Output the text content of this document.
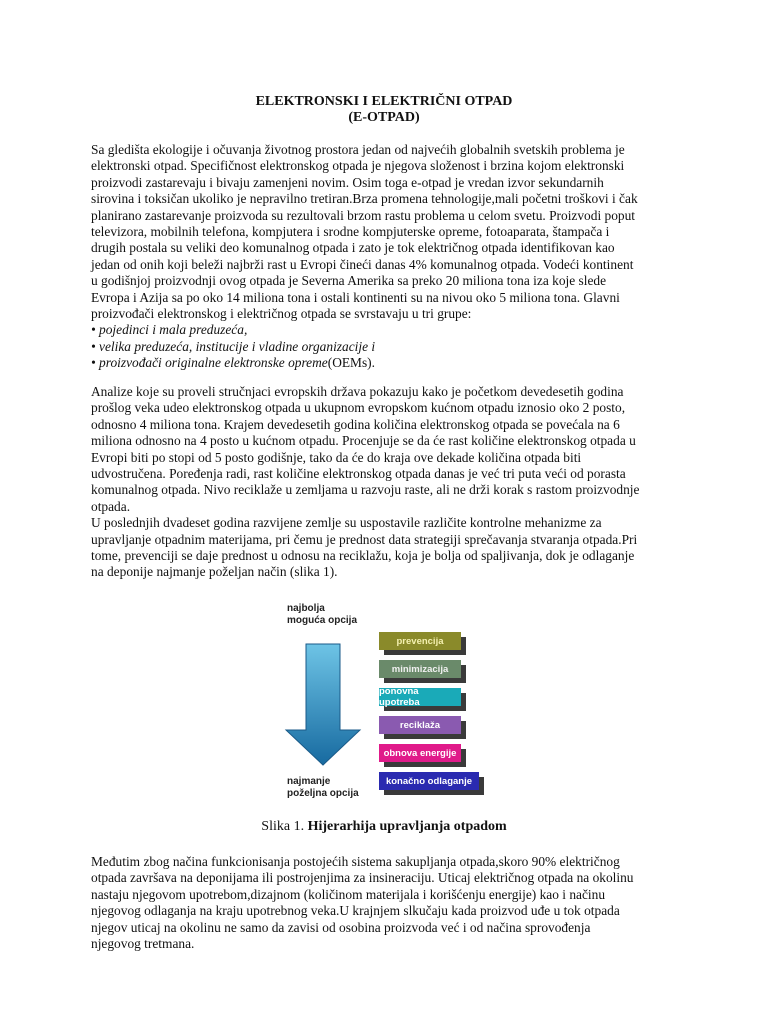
ELEKTRONSKI I ELEKTRIČNI OTPAD
(E-OTPAD)

Sa gledišta ekologije i očuvanja životnog prostora jedan od najvećih globalnih svetskih problema je
elektronski otpad. Specifičnost elektronskog otpada je njegova složenost i brzina kojom elektronski
proizvodi zastarevaju i bivaju zamenjeni novim. Osim toga e-otpad je vredan izvor sekundarnih
sirovina i toksičan ukoliko je nepravilno tretiran.Brza promena tehnologije,mali početni troškovi i čak
planirano zastarevanje proizvoda su rezultovali brzom rastu problema u celom svetu. Proizvodi poput
televizora, mobilnih telefona, kompjutera i srodne kompjuterske opreme, fotoaparata, štampača i
drugih postala su veliki deo komunalnog otpada i zato je tok električnog otpada identifikovan kao
jedan od onih koji beleži najbrži rast u Evropi čineći danas 4% komunalnog otpada. Vodeći kontinent
u godišnjoj proizvodnji ovog otpada je Severna Amerika sa preko 20 miliona tona iza koje slede
Evropa i Azija sa po oko 14 miliona tona i ostali kontinenti su na nivou oko 5 miliona tona. Glavni
proizvođači elektronskog i električnog otpada se svrstavaju u tri grupe:
• pojedinci i mala preduzeća,
• velika preduzeća, institucije i vladine organizacije i
• proizvođači originalne elektronske opreme(OEMs).

Analize koje su proveli stručnjaci evropskih država pokazuju kako je početkom devedesetih godina
prošlog veka udeo elektronskog otpada u ukupnom evropskom kućnom otpadu iznosio oko 2 posto,
odnosno 4 miliona tona. Krajem devedesetih godina količina elektronskog otpada se povećala na 6
miliona odnosno na 4 posto u kućnom otpadu. Procenjuje se da će rast količine elektronskog otpada u
Evropi biti po stopi od 5 posto godišnje, tako da će do kraja ove dekade količina otpada biti
udvostručena. Poređenja radi, rast količine elektronskog otpada danas je već tri puta veći od porasta
komunalnog otpada. Nivo reciklaže u zemljama u razvoju raste, ali ne drži korak s rastom proizvodnje
otpada.
U poslednjih dvadeset godina razvijene zemlje su uspostavile različite kontrolne mehanizme za
upravljanje otpadnim materijama, pri čemu je prednost data strategiji sprečavanja stvaranja otpada.Pri
tome, prevenciji se daje prednost u odnosu na reciklažu, koja je bolja od spaljivanja, dok je odlaganje
na deponije najmanje poželjan način (slika 1).

najbolja
moguća opcija
prevencija
minimizacija
ponovna upotreba
reciklaža
obnova energije
konačno odlaganje
najmanje
poželjna opcija
Slika 1. Hijerarhija upravljanja otpadom

Međutim zbog načina funkcionisanja postojećih sistema sakupljanja otpada,skoro 90% električnog
otpada završava na deponijama ili postrojenjima za insineraciju. Uticaj električnog otpada na okolinu
nastaju njegovom upotrebom,dizajnom (količinom materijala i korišćenju energije) kao i načinu
njegovog odlaganja na kraju upotrebnog veka.U krajnjem slkučaju kada proizvod uđe u tok otpada
njegov uticaj na okolinu ne samo da zavisi od osobina proizvoda već i od načina sprovođenja
njegovog tretmana.
